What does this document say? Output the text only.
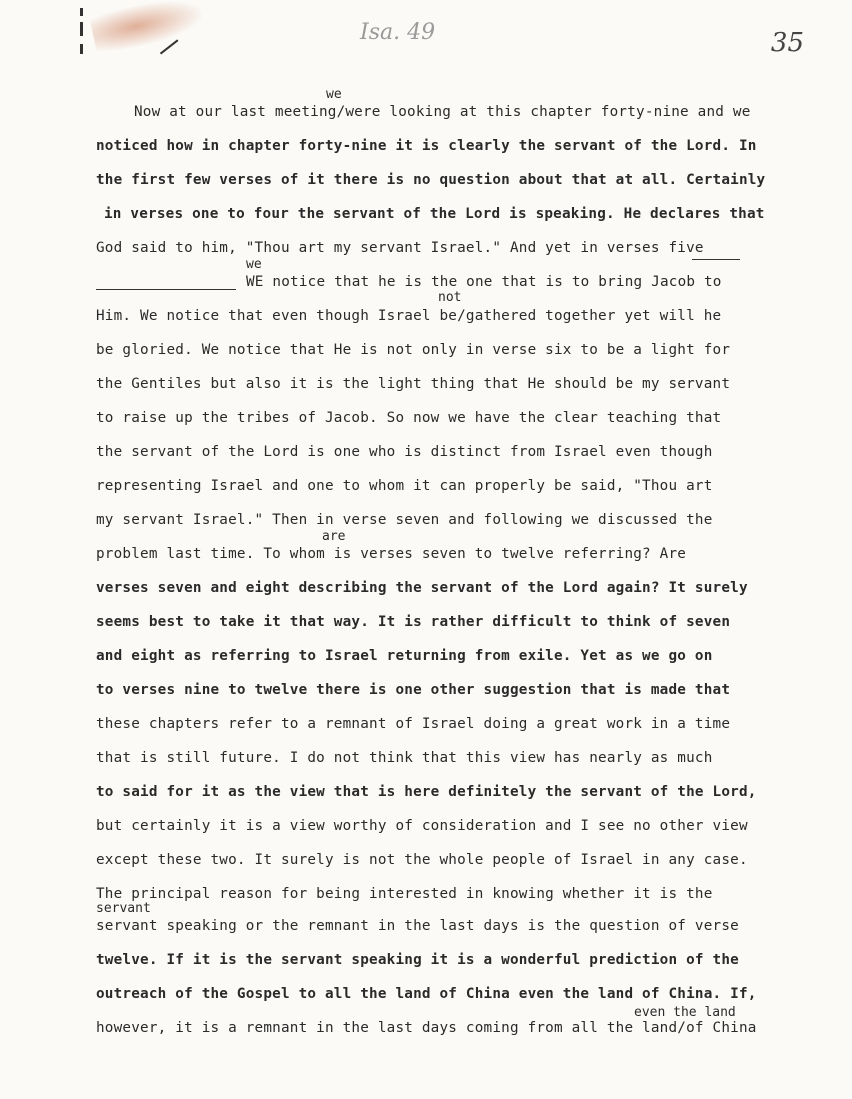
Isa. 49	35
we
we
not
are
servant
even the land
Now at our last meeting/were looking at this chapter forty-nine and we
noticed how in chapter forty-nine it is clearly the servant of the Lord. In
the first few verses of it there is no question about that at all. Certainly
in verses one to four the servant of the Lord is speaking. He declares that
God said to him, "Thou art my servant Israel." And yet in verses five
WE notice that he is the one that is to bring Jacob to
Him. We notice that even though Israel be/gathered together yet will he
be gloried. We notice that He is not only in verse six to be a light for
the Gentiles but also it is the light thing that He should be my servant
to raise up the tribes of Jacob. So now we have the clear teaching that
the servant of the Lord is one who is distinct from Israel even though
representing Israel and one to whom it can properly be said, "Thou art
my servant Israel." Then in verse seven and following we discussed the
problem last time. To whom is verses seven to twelve referring? Are
verses seven and eight describing the servant of the Lord again? It surely
seems best to take it that way. It is rather difficult to think of seven
and eight as referring to Israel returning from exile. Yet as we go on
to verses nine to twelve there is one other suggestion that is made that
these chapters refer to a remnant of Israel doing a great work in a time
that is still future. I do not think that this view has nearly as much
to said for it as the view that is here definitely the servant of the Lord,
but certainly it is a view worthy of consideration and I see no other view
except these two. It surely is not the whole people of Israel in any case.
The principal reason for being interested in knowing whether it is the
servant speaking or the remnant in the last days is the question of verse
twelve. If it is the servant speaking it is a wonderful prediction of the
outreach of the Gospel to all the land of China even the land of China. If,
however, it is a remnant in the last days coming from all the land/of China
